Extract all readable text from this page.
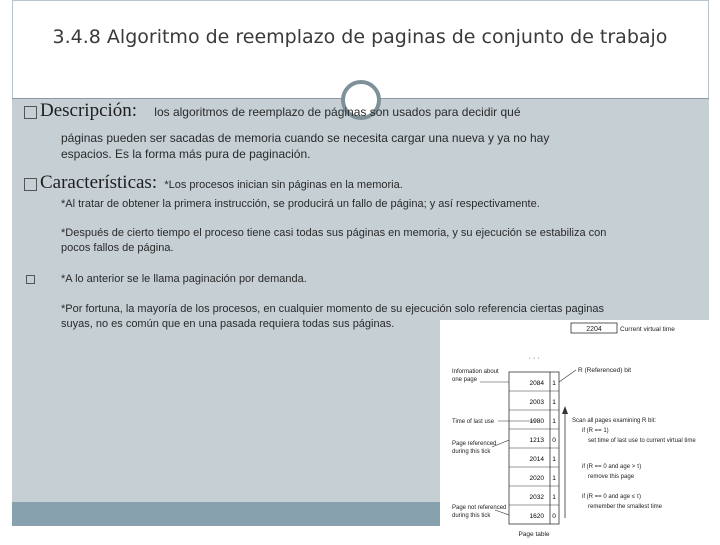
3.4.8 Algoritmo de reemplazo de paginas de conjunto de trabajo
Descripción: los algoritmos de reemplazo de páginas son usados para decidir qué
páginas pueden ser sacadas de memoria cuando se necesita cargar una nueva y ya no hay
espacios. Es la forma más pura de paginación.
Características: *Los procesos inician sin páginas en la memoria.
*Al tratar de obtener la primera instrucción, se producirá un fallo de página; y así respectivamente.
*Después de cierto tiempo el proceso tiene casi todas sus páginas en memoria, y su ejecución se estabiliza con
pocos fallos de página.
*A lo anterior se le llama paginación por demanda.
*Por fortuna, la mayoría de los procesos, en cualquier momento de su ejecución solo referencia ciertas paginas
suyas, no es común que en una pasada requiera todas sus páginas.	2204	Current virtual time
· · ·
2084 1
2003 1
1980 1
1213 0
2014 1
2020 1
2032 1
1620 0
Information about
one page
Time of last use
Page referenced
during this tick
Page not referenced
during this tick
Page table
R (Referenced) bit
Scan all pages examining R bit:
if (R == 1)
set time of last use to current virtual time
if (R == 0 and age > τ)
remove this page
if (R == 0 and age ≤ τ)
remember the smallest time
